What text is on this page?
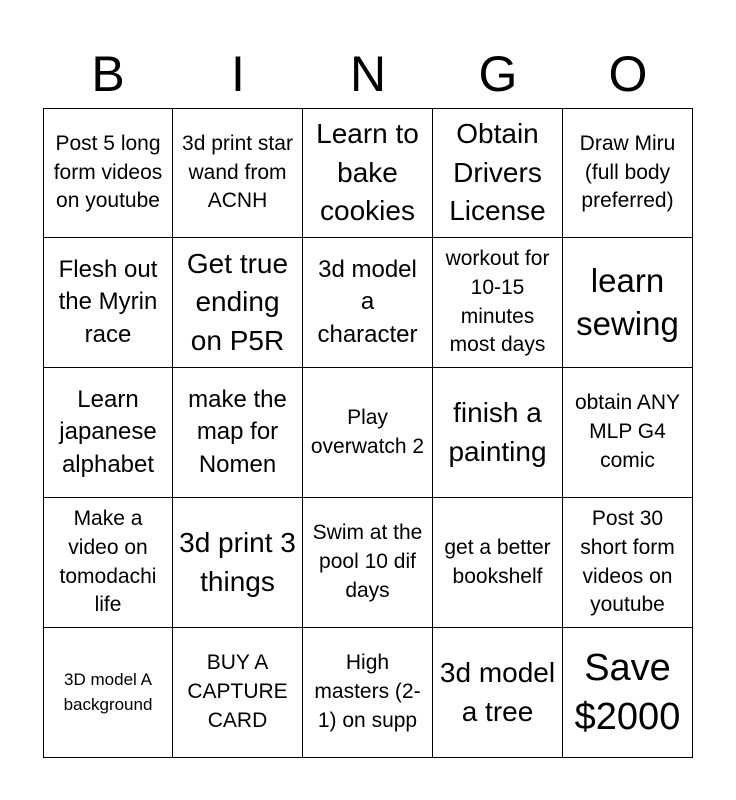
B	I	N	G	O
Post 5 long form videos on youtube
3d print star wand from ACNH
Learn to bake cookies
Obtain Drivers License
Draw Miru (full body preferred)
Flesh out the Myrin race
Get true ending on P5R
3d model a character
workout for 10-15 minutes most days
learn sewing
Learn japanese alphabet
make the map for Nomen
Play overwatch 2
finish a painting
obtain ANY MLP G4 comic
Make a video on tomodachi life
3d print 3 things
Swim at the pool 10 dif days
get a better bookshelf
Post 30 short form videos on youtube
3D model A background
BUY A CAPTURE CARD
High masters (2-1) on supp
3d model a tree
Save $2000
